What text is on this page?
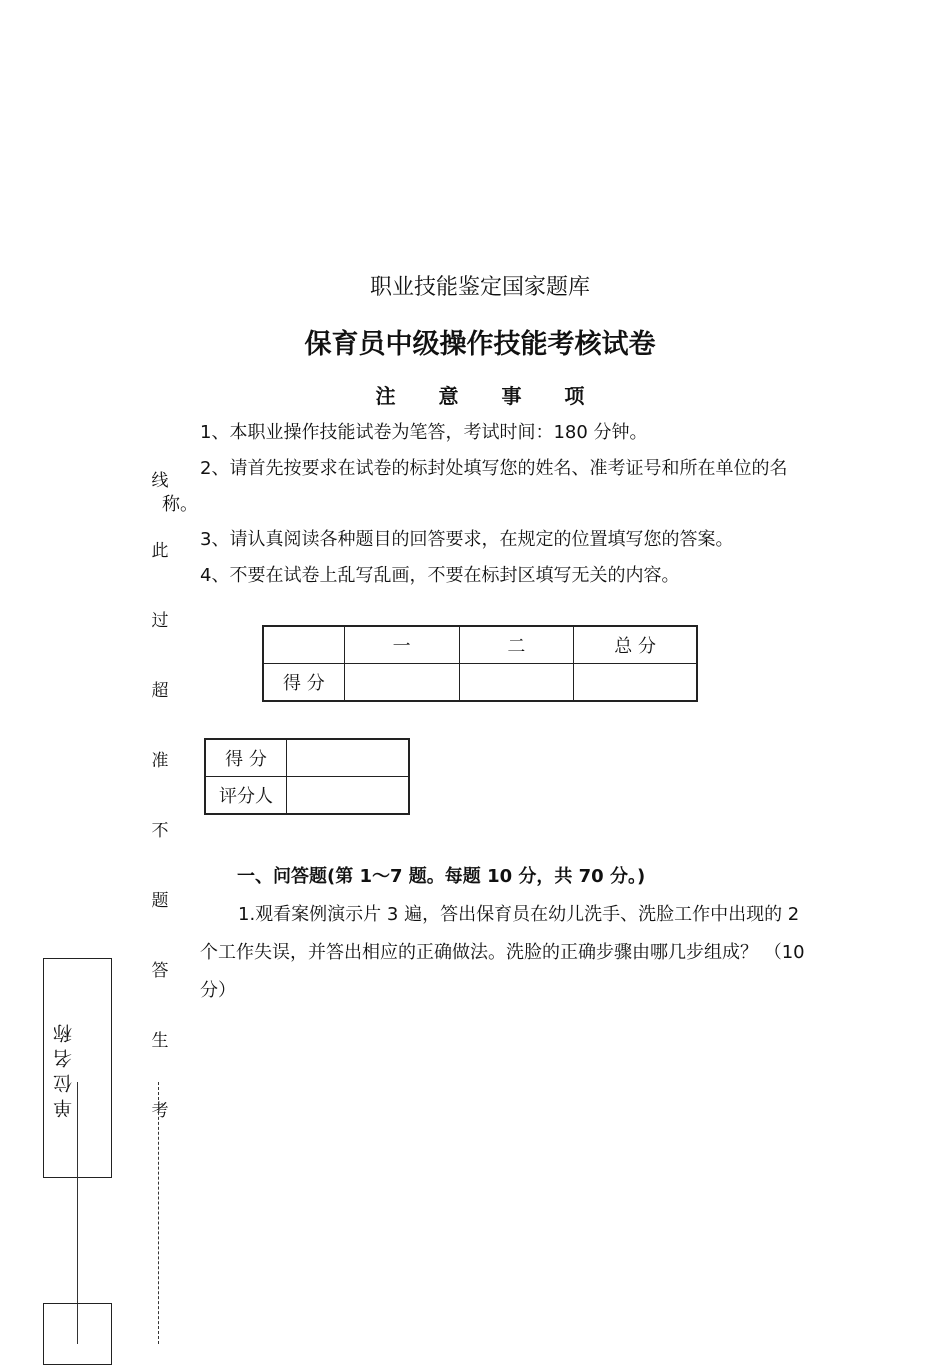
职业技能鉴定国家题库
保育员中级操作技能考核试卷
注 意 事 项
1、本职业操作技能试卷为笔答，考试时间：180 分钟。
2、请首先按要求在试卷的标封处填写您的姓名、准考证号和所在单位的名
称。
3、请认真阅读各种题目的回答要求，在规定的位置填写您的答案。
4、不要在试卷上乱写乱画，不要在标封区填写无关的内容。
	一	二	总 分
得 分			
得 分	
评分人	
一、问答题(第 1～7 题。每题 10 分，共 70 分。)
1.观看案例演示片 3 遍，答出保育员在幼儿洗手、洗脸工作中出现的 2
个工作失误，并答出相应的正确做法。洗脸的正确步骤由哪几步组成？ （10
分）
线
此
过
超
准
不
题
答
生
考
单位名称
